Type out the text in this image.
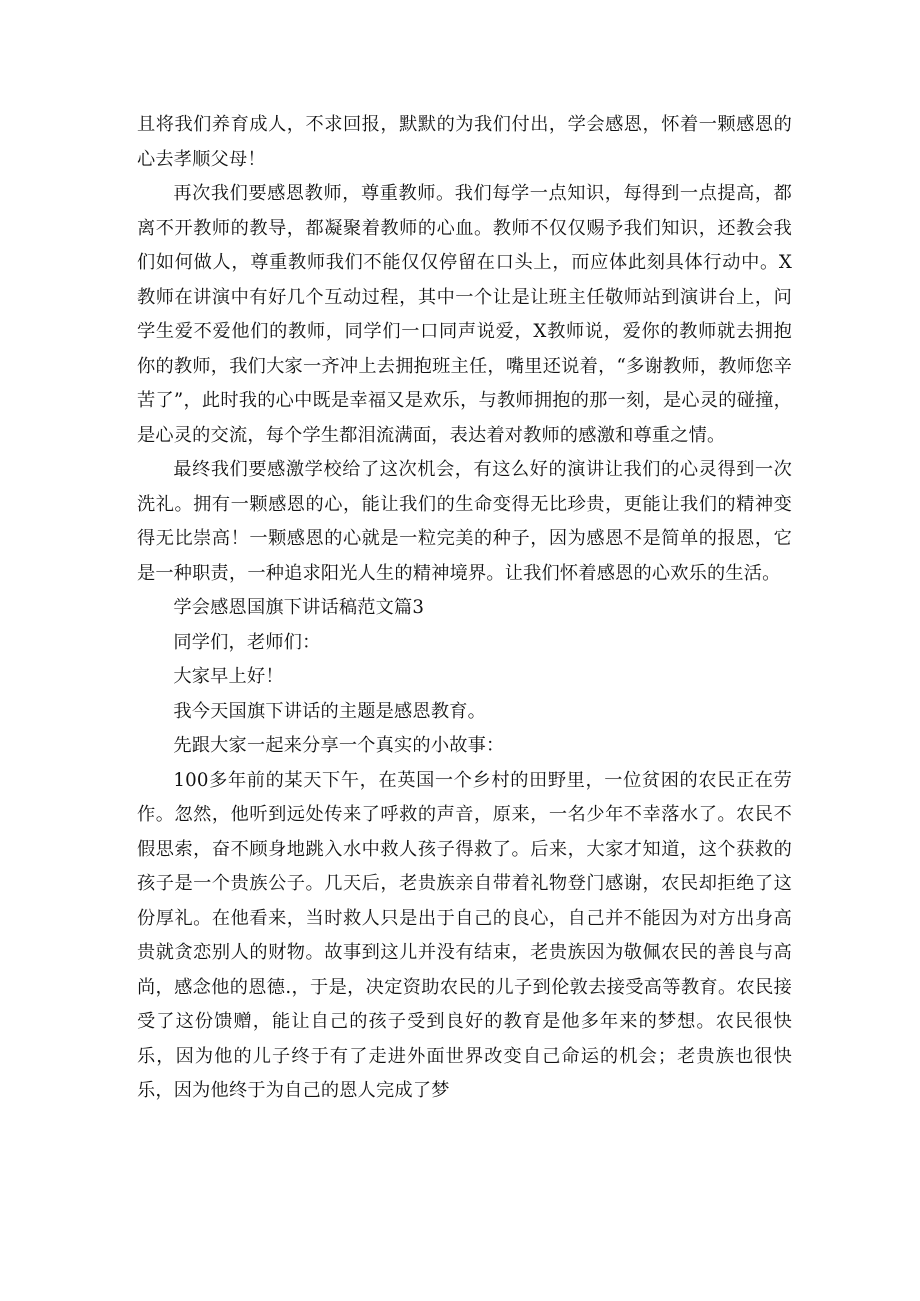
且将我们养育成人，不求回报，默默的为我们付出，学会感恩，怀着一颗感恩的心去孝顺父母！

再次我们要感恩教师，尊重教师。我们每学一点知识，每得到一点提高，都离不开教师的教导，都凝聚着教师的心血。教师不仅仅赐予我们知识，还教会我们如何做人，尊重教师我们不能仅仅停留在口头上，而应体此刻具体行动中。X教师在讲演中有好几个互动过程，其中一个让是让班主任敬师站到演讲台上，问学生爱不爱他们的教师，同学们一口同声说爱，X教师说，爱你的教师就去拥抱你的教师，我们大家一齐冲上去拥抱班主任，嘴里还说着，“多谢教师，教师您辛苦了”，此时我的心中既是幸福又是欢乐，与教师拥抱的那一刻，是心灵的碰撞，是心灵的交流，每个学生都泪流满面，表达着对教师的感激和尊重之情。

最终我们要感激学校给了这次机会，有这么好的演讲让我们的心灵得到一次洗礼。拥有一颗感恩的心，能让我们的生命变得无比珍贵，更能让我们的精神变得无比崇高！一颗感恩的心就是一粒完美的种子，因为感恩不是简单的报恩，它是一种职责，一种追求阳光人生的精神境界。让我们怀着感恩的心欢乐的生活。

学会感恩国旗下讲话稿范文篇3

同学们，老师们：

大家早上好！

我今天国旗下讲话的主题是感恩教育。

先跟大家一起来分享一个真实的小故事：

100多年前的某天下午，在英国一个乡村的田野里，一位贫困的农民正在劳作。忽然，他听到远处传来了呼救的声音，原来，一名少年不幸落水了。农民不假思索，奋不顾身地跳入水中救人孩子得救了。后来，大家才知道，这个获救的孩子是一个贵族公子。几天后，老贵族亲自带着礼物登门感谢，农民却拒绝了这份厚礼。在他看来，当时救人只是出于自己的良心，自己并不能因为对方出身高贵就贪恋别人的财物。故事到这儿并没有结束，老贵族因为敬佩农民的善良与高尚，感念他的恩德.，于是，决定资助农民的儿子到伦敦去接受高等教育。农民接受了这份馈赠，能让自己的孩子受到良好的教育是他多年来的梦想。农民很快乐，因为他的儿子终于有了走进外面世界改变自己命运的机会；老贵族也很快乐，因为他终于为自己的恩人完成了梦
